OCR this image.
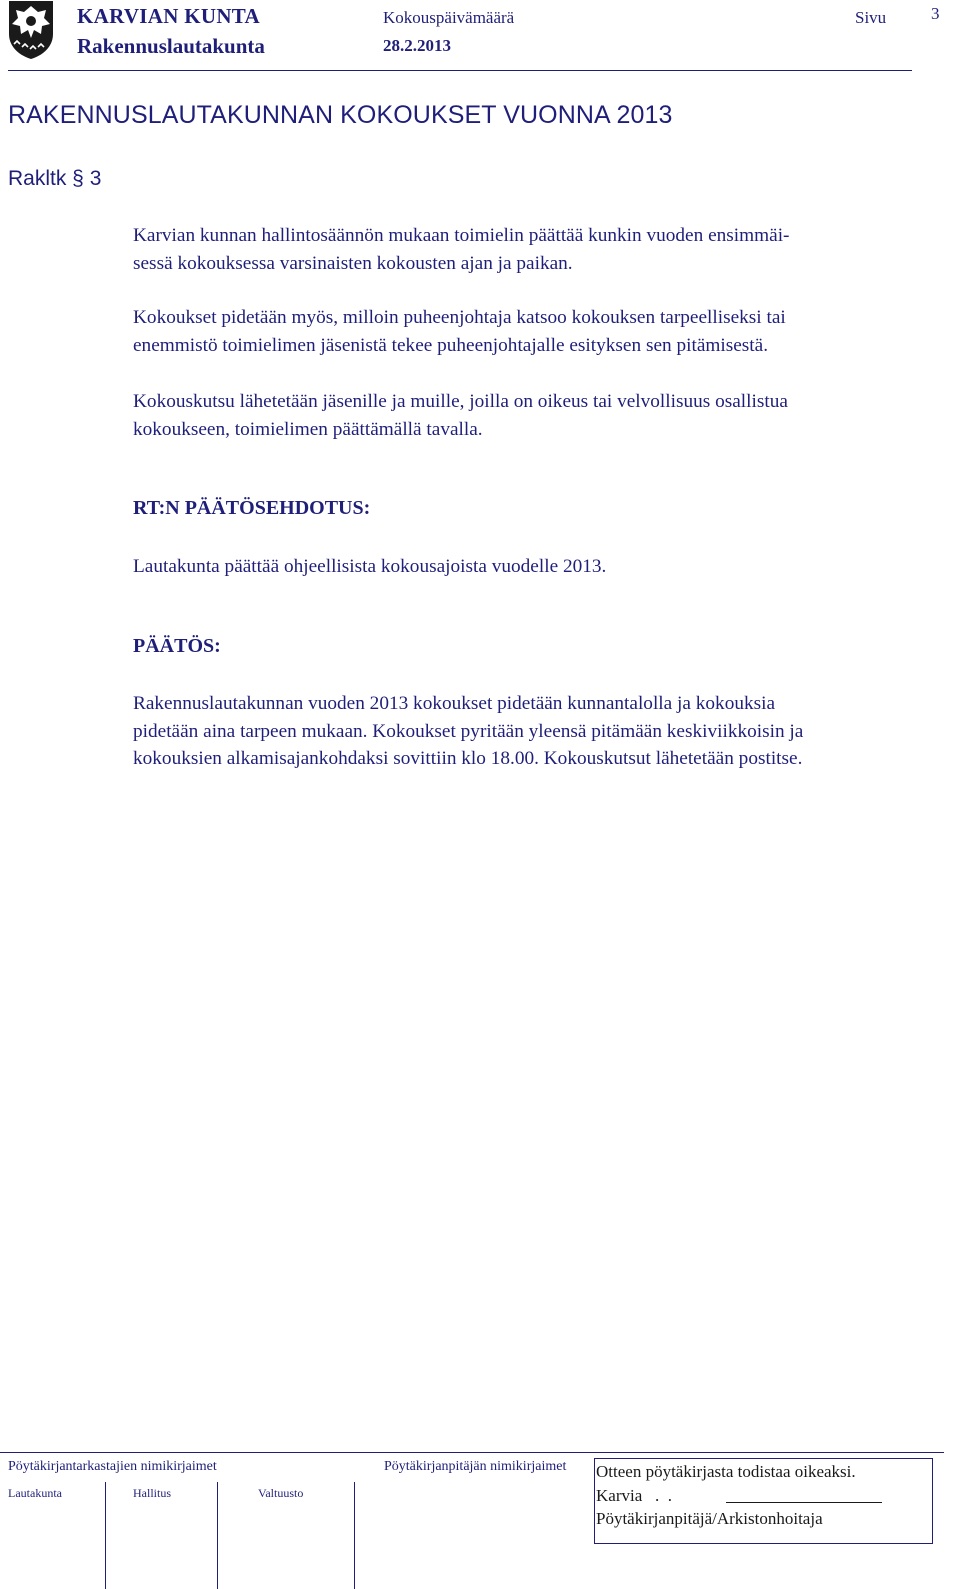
KARVIAN KUNTA
Rakennuslautakunta
Kokouspäivämäärä
28.2.2013
Sivu	3
RAKENNUSLAUTAKUNNAN KOKOUKSET VUONNA 2013
Rakltk § 3
Karvian kunnan hallintosäännön mukaan toimielin päättää kunkin vuoden ensimmäi-
sessä kokouksessa varsinaisten kokousten ajan ja paikan.
Kokoukset pidetään myös, milloin puheenjohtaja katsoo kokouksen tarpeelliseksi tai
enemmistö toimielimen jäsenistä tekee puheenjohtajalle esityksen sen pitämisestä.
Kokouskutsu lähetetään jäsenille ja muille, joilla on oikeus tai velvollisuus osallistua
kokoukseen, toimielimen päättämällä tavalla.
RT:N PÄÄTÖSEHDOTUS:
Lautakunta päättää ohjeellisista kokousajoista vuodelle 2013.
PÄÄTÖS:
Rakennuslautakunnan vuoden 2013 kokoukset pidetään kunnantalolla ja kokouksia
pidetään aina tarpeen mukaan. Kokoukset pyritään yleensä pitämään keskiviikkoisin ja
kokouksien alkamisajankohdaksi sovittiin klo 18.00. Kokouskutsut lähetetään postitse.
Pöytäkirjantarkastajien nimikirjaimet	Pöytäkirjanpitäjän nimikirjaimet
Lautakunta	Hallitus	Valtuusto
Otteen pöytäkirjasta todistaa oikeaksi.
Karvia   .  .
Pöytäkirjanpitäjä/Arkistonhoitaja
